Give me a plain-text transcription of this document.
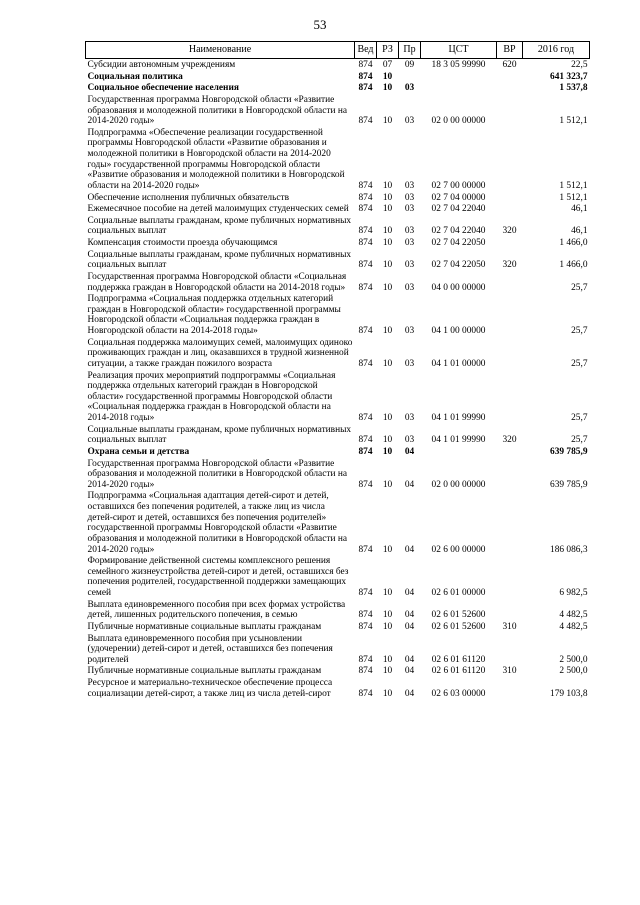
53
Наименование	Вед	РЗ	Пр	ЦСТ	ВР	2016 год
Субсидии автономным учреждениям	874	07	09	18 3 05 99990	620	22,5
Социальная политика	874	10				641 323,7
Социальное обеспечение населения	874	10	03			1 537,8
Государственная программа Новгородской области «Развитие образования и молодежной политики в Новгородской области на 2014-2020 годы»	874	10	03	02 0 00 00000		1 512,1
Подпрограмма «Обеспечение реализации государственной программы Новгородской области «Развитие образования и молодежной политики в Новгородской области на 2014-2020 годы» государственной программы Новгородской области «Развитие образования и молодежной политики в Новгородской области на 2014-2020 годы»	874	10	03	02 7 00 00000		1 512,1
Обеспечение исполнения публичных обязательств	874	10	03	02 7 04 00000		1 512,1
Ежемесячное пособие на детей малоимущих студенческих семей	874	10	03	02 7 04 22040		46,1
Социальные выплаты гражданам, кроме публичных нормативных социальных выплат	874	10	03	02 7 04 22040	320	46,1
Компенсация стоимости проезда обучающимся	874	10	03	02 7 04 22050		1 466,0
Социальные выплаты гражданам, кроме публичных нормативных социальных выплат	874	10	03	02 7 04 22050	320	1 466,0
Государственная программа Новгородской области «Социальная поддержка граждан в Новгородской области на 2014-2018 годы»	874	10	03	04 0 00 00000		25,7
Подпрограмма «Социальная поддержка отдельных категорий граждан в Новгородской области» государственной программы Новгородской области «Социальная поддержка граждан в Новгородской области на 2014-2018 годы»	874	10	03	04 1 00 00000		25,7
Социальная поддержка малоимущих семей, малоимущих одиноко проживающих граждан и лиц, оказавшихся в трудной жизненной ситуации, а также граждан пожилого возраста	874	10	03	04 1 01 00000		25,7
Реализация прочих мероприятий подпрограммы «Социальная поддержка отдельных категорий граждан в Новгородской области» государственной программы Новгородской области «Социальная поддержка граждан в Новгородской области на 2014-2018 годы»	874	10	03	04 1 01 99990		25,7
Социальные выплаты гражданам, кроме публичных нормативных социальных выплат	874	10	03	04 1 01 99990	320	25,7
Охрана семьи и детства	874	10	04			639 785,9
Государственная программа Новгородской области «Развитие образования и молодежной политики в Новгородской области на 2014-2020 годы»	874	10	04	02 0 00 00000		639 785,9
Подпрограмма «Социальная адаптация детей-сирот и детей, оставшихся без попечения родителей, а также лиц из числа детей-сирот и детей, оставшихся без попечения родителей» государственной программы Новгородской области «Развитие образования и молодежной политики в Новгородской области на 2014-2020 годы»	874	10	04	02 6 00 00000		186 086,3
Формирование действенной системы комплексного решения семейного жизнеустройства детей-сирот и детей, оставшихся без попечения родителей, государственной поддержки замещающих семей	874	10	04	02 6 01 00000		6 982,5
Выплата единовременного пособия при всех формах устройства детей, лишенных родительского попечения, в семью	874	10	04	02 6 01 52600		4 482,5
Публичные нормативные социальные выплаты гражданам	874	10	04	02 6 01 52600	310	4 482,5
Выплата единовременного пособия при усыновлении (удочерении) детей-сирот и детей, оставшихся без попечения родителей	874	10	04	02 6 01 61120		2 500,0
Публичные нормативные социальные выплаты гражданам	874	10	04	02 6 01 61120	310	2 500,0
Ресурсное и материально-техническое обеспечение процесса социализации детей-сирот, а также лиц из числа детей-сирот	874	10	04	02 6 03 00000		179 103,8
